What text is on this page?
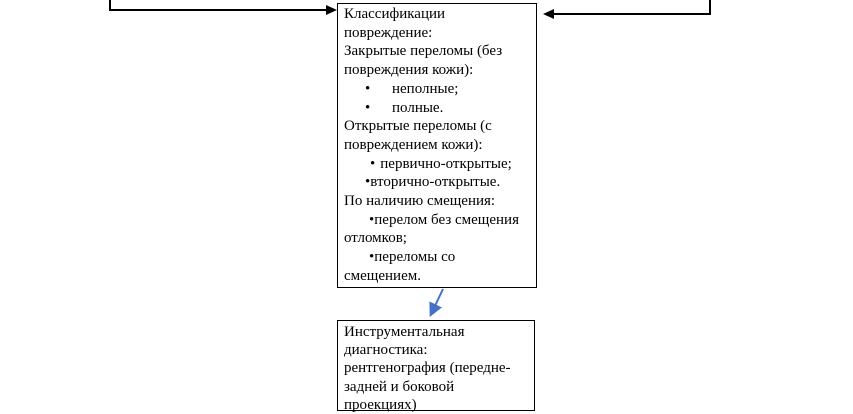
Классификации
повреждение:
Закрытые переломы (без
повреждения кожи):
• неполные;
• полные.
Открытые переломы (с
повреждением кожи):
• первично-открытые;
•вторично-открытые.
По наличию смещения:
•перелом без смещения
отломков;
•переломы со
смещением.
Инструментальная
диагностика:
рентгенография (передне-
задней и боковой
проекциях)
